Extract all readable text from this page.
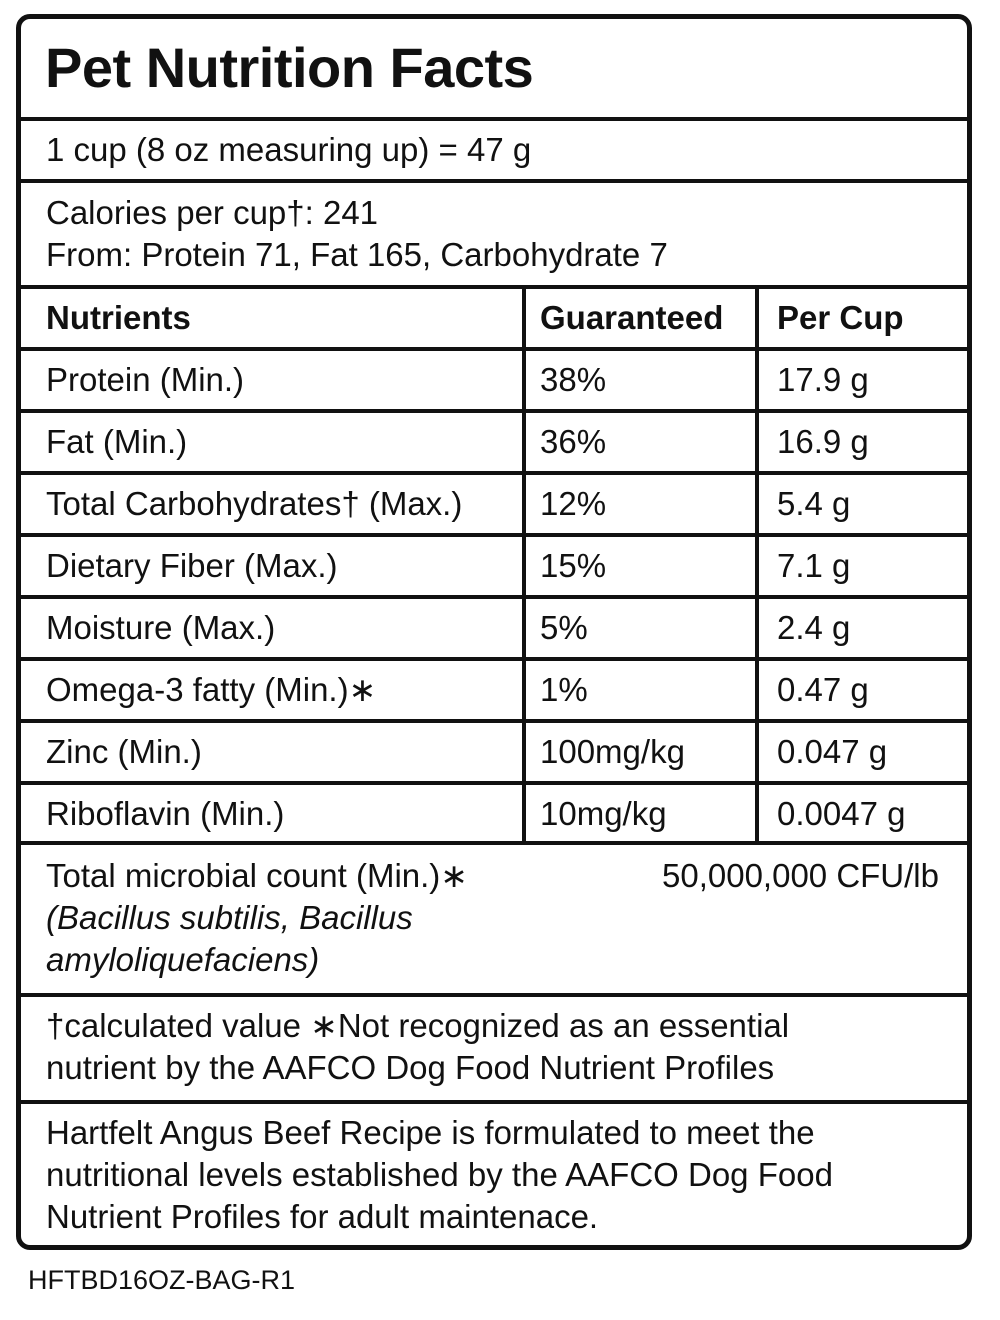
Pet Nutrition Facts
1 cup (8 oz measuring up) = 47 g
Calories per cup†: 241
From: Protein 71, Fat 165, Carbohydrate 7
Nutrients	Guaranteed Per Cup
Protein (Min.)	38%	17.9 g
Fat (Min.)	36%	16.9 g
Total Carbohydrates† (Max.) 12%	5.4 g
Dietary Fiber (Max.)	15%	7.1 g
Moisture (Max.)	5%	2.4 g
Omega-3 fatty (Min.)∗	1%	0.47 g
Zinc (Min.)	100mg/kg	0.047 g
Riboflavin (Min.)	10mg/kg	0.0047 g
Total microbial count (Min.)∗
(Bacillus subtilis, Bacillus
amyloliquefaciens)
50,000,000 CFU/lb
†calculated value ∗Not recognized as an essential
nutrient by the AAFCO Dog Food Nutrient Profiles
Hartfelt Angus Beef Recipe is formulated to meet the
nutritional levels established by the AAFCO Dog Food
Nutrient Profiles for adult maintenace.
HFTBD16OZ-BAG-R1
